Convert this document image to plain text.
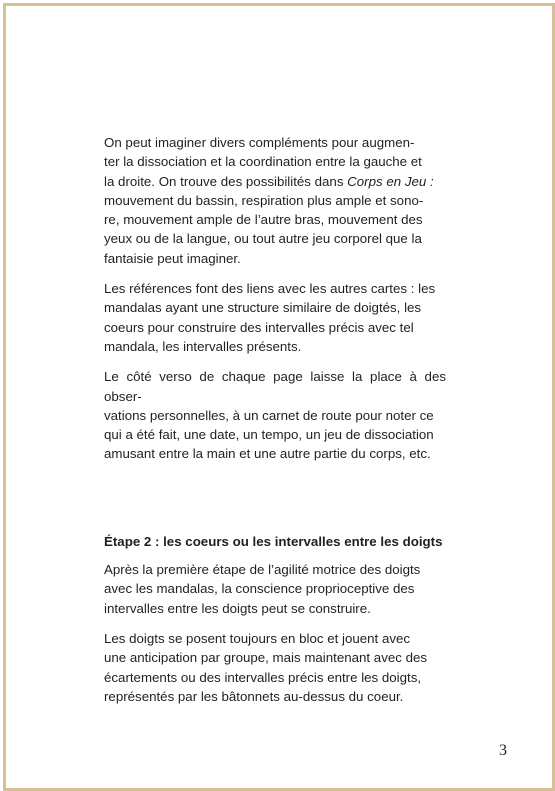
On peut imaginer divers compléments pour augmen-
ter la dissociation et la coordination entre la gauche et
la droite. On trouve des possibilités dans Corps en Jeu :
mouvement du bassin, respiration plus ample et sono-
re, mouvement ample de l’autre bras, mouvement des
yeux ou de la langue, ou tout autre jeu corporel que la
fantaisie peut imaginer.

Les références font des liens avec les autres cartes : les
mandalas ayant une structure similaire de doigtés, les
coeurs pour construire des intervalles précis avec tel
mandala, les intervalles présents.

Le côté verso de chaque page laisse la place à des obser-
vations personnelles, à un carnet de route pour noter ce
qui a été fait, une date, un tempo, un jeu de dissociation
amusant entre la main et une autre partie du corps, etc.

Étape 2 : les coeurs ou les intervalles entre les doigts

Après la première étape de l’agilité motrice des doigts
avec les mandalas, la conscience proprioceptive des
intervalles entre les doigts peut se construire.

Les doigts se posent toujours en bloc et jouent avec
une anticipation par groupe, mais maintenant avec des
écartements ou des intervalles précis entre les doigts,
représentés par les bâtonnets au-dessus du coeur.

3
